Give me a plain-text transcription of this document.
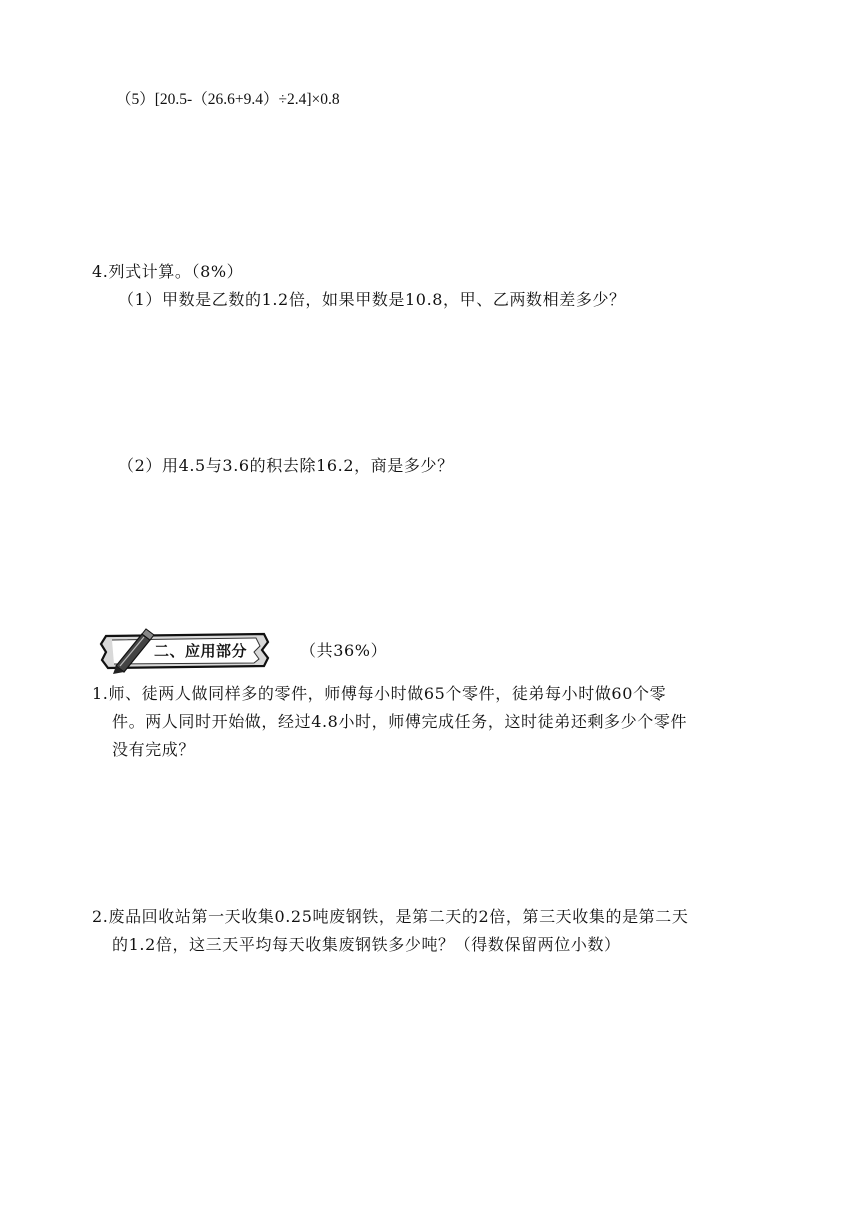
（5）[20.5-（26.6+9.4）÷2.4]×0.8
4.列式计算。（8%）
（1）甲数是乙数的1.2倍，如果甲数是10.8，甲、乙两数相差多少？
（2）用4.5与3.6的积去除16.2，商是多少？
二、应用部分	（共36%）
1.师、徒两人做同样多的零件，师傅每小时做65个零件，徒弟每小时做60个零
件。两人同时开始做，经过4.8小时，师傅完成任务，这时徒弟还剩多少个零件
没有完成？
2.废品回收站第一天收集0.25吨废钢铁，是第二天的2倍，第三天收集的是第二天
的1.2倍，这三天平均每天收集废钢铁多少吨？（得数保留两位小数）
